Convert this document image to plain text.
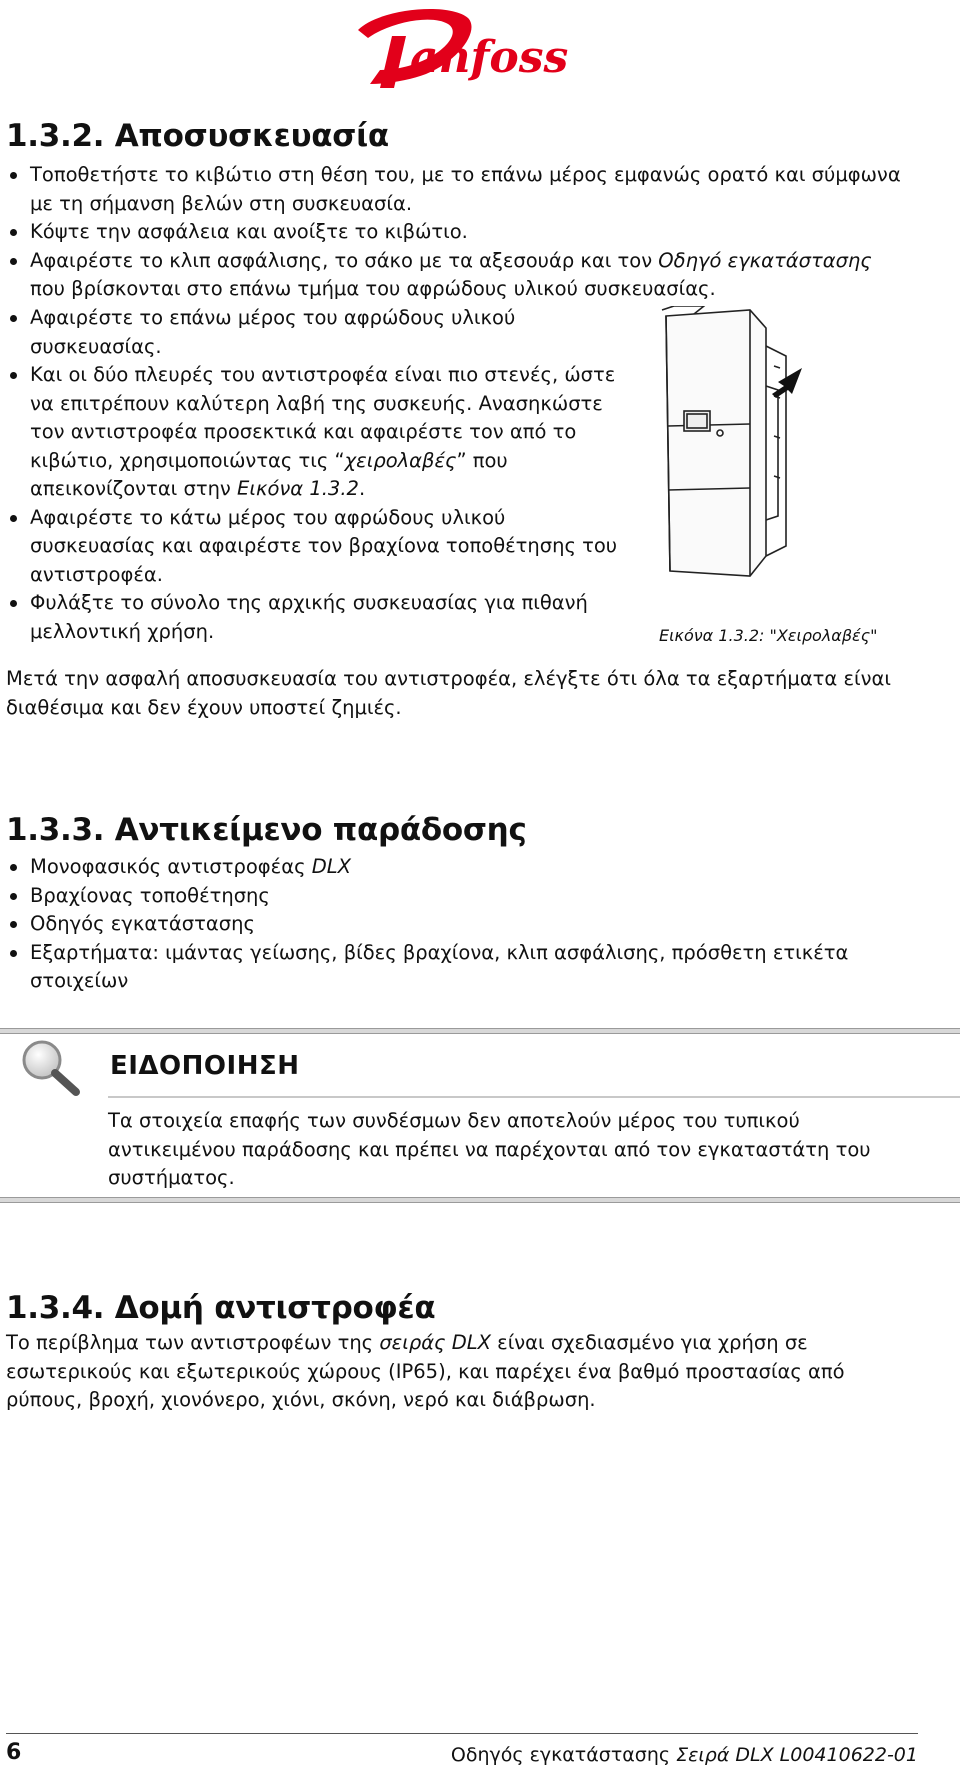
anfoss
1.3.2. Αποσυσκευασία
Τοποθετήστε το κιβώτιο στη θέση του, με το επάνω μέρος εμφανώς ορατό και σύμφωνα με τη σήμανση βελών στη συσκευασία.
Κόψτε την ασφάλεια και ανοίξτε το κιβώτιο.
Αφαιρέστε το κλιπ ασφάλισης, το σάκο με τα αξεσουάρ και τον Οδηγό εγκατάστασης που βρίσκονται στο επάνω τμήμα του αφρώδους υλικού συσκευασίας.
Αφαιρέστε το επάνω μέρος του αφρώδους υλικού συσκευασίας.
Και οι δύο πλευρές του αντιστροφέα είναι πιο στενές, ώστε να επιτρέπουν καλύτερη λαβή της συσκευής. Ανασηκώστε τον αντιστροφέα προσεκτικά και αφαιρέστε τον από το κιβώτιο, χρησιμοποιώντας τις “χειρολαβές” που απεικονίζονται στην Εικόνα 1.3.2.
Αφαιρέστε το κάτω μέρος του αφρώδους υλικού συσκευασίας και αφαιρέστε τον βραχίονα τοποθέτησης του αντιστροφέα.
Φυλάξτε το σύνολο της αρχικής συσκευασίας για πιθανή μελλοντική χρήση.	Εικόνα 1.3.2: "Χειρολαβές"
Μετά την ασφαλή αποσυσκευασία του αντιστροφέα, ελέγξτε ότι όλα τα εξαρτήματα είναι διαθέσιμα και δεν έχουν υποστεί ζημιές.
1.3.3. Αντικείμενο παράδοσης
Μονοφασικός αντιστροφέας DLX
Βραχίονας τοποθέτησης
Οδηγός εγκατάστασης
Εξαρτήματα: ιμάντας γείωσης, βίδες βραχίονα, κλιπ ασφάλισης, πρόσθετη ετικέτα στοιχείων
ΕΙΔΟΠΟΙΗΣΗ
Τα στοιχεία επαφής των συνδέσμων δεν αποτελούν μέρος του τυπικού αντικειμένου παράδοσης και πρέπει να παρέχονται από τον εγκαταστάτη του συστήματος.
1.3.4. Δομή αντιστροφέα
Το περίβλημα των αντιστροφέων της σειράς DLX είναι σχεδιασμένο για χρήση σε εσωτερικούς και εξωτερικούς χώρους (IP65), και παρέχει ένα βαθμό προστασίας από ρύπους, βροχή, χιονόνερο, χιόνι, σκόνη, νερό και διάβρωση.
6	Οδηγός εγκατάστασης Σειρά DLX L00410622-01
